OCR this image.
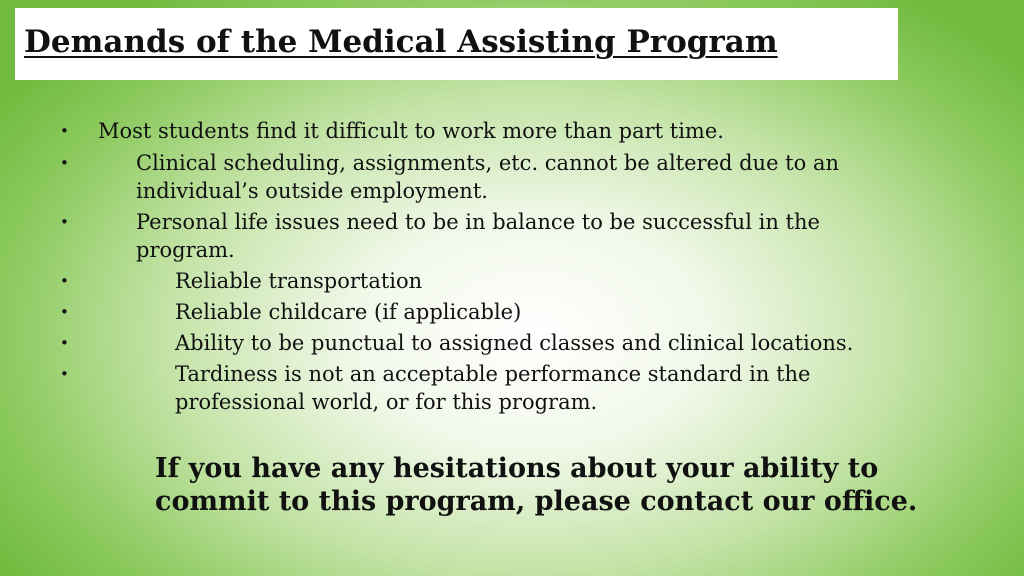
Demands of the Medical Assisting Program
• Most students find it difficult to work more than part time.
•	Clinical scheduling, assignments, etc. cannot be altered due to an individual’s outside employment.
•	Personal life issues need to be in balance to be successful in the program.
•	Reliable transportation
•	Reliable childcare (if applicable)
•	Ability to be punctual to assigned classes and clinical locations.
•	Tardiness is not an acceptable performance standard in the professional world, or for this program.

If you have any hesitations about your ability to commit to this program, please contact our office.
